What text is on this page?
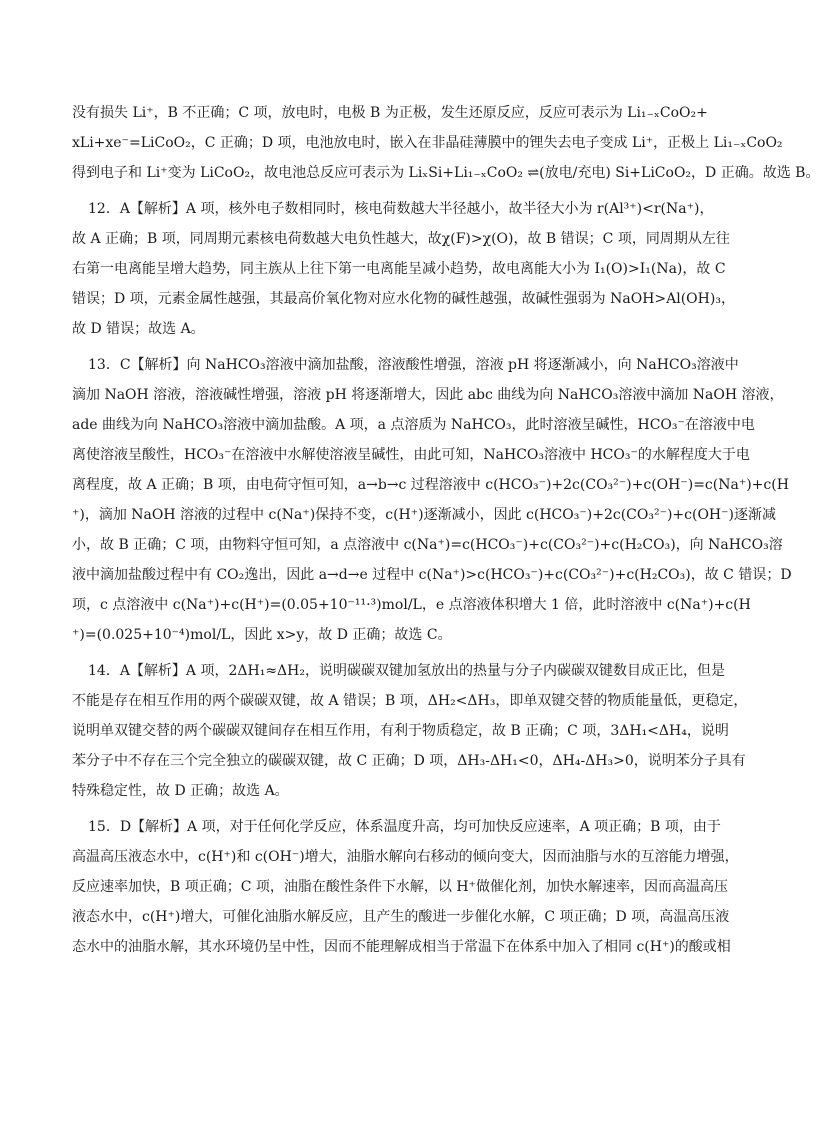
没有损失 Li⁺，B 不正确；C 项，放电时，电极 B 为正极，发生还原反应，反应可表示为 Li₁₋ₓCoO₂+
xLi+xe⁻=LiCoO₂，C 正确；D 项，电池放电时，嵌入在非晶硅薄膜中的锂失去电子变成 Li⁺，正极上 Li₁₋ₓCoO₂
得到电子和 Li⁺变为 LiCoO₂，故电池总反应可表示为 LiₓSi+Li₁₋ₓCoO₂ ⇌(放电/充电) Si+LiCoO₂，D 正确。故选 B。

12．A【解析】A 项，核外电子数相同时，核电荷数越大半径越小，故半径大小为 r(Al³⁺)<r(Na⁺)，
故 A 正确；B 项，同周期元素核电荷数越大电负性越大，故χ(F)>χ(O)，故 B 错误；C 项，同周期从左往
右第一电离能呈增大趋势，同主族从上往下第一电离能呈减小趋势，故电离能大小为 I₁(O)>I₁(Na)，故 C
错误；D 项，元素金属性越强，其最高价氧化物对应水化物的碱性越强，故碱性强弱为 NaOH>Al(OH)₃，
故 D 错误；故选 A。

13．C【解析】向 NaHCO₃溶液中滴加盐酸，溶液酸性增强，溶液 pH 将逐渐减小，向 NaHCO₃溶液中
滴加 NaOH 溶液，溶液碱性增强，溶液 pH 将逐渐增大，因此 abc 曲线为向 NaHCO₃溶液中滴加 NaOH 溶液，
ade 曲线为向 NaHCO₃溶液中滴加盐酸。A 项，a 点溶质为 NaHCO₃，此时溶液呈碱性，HCO₃⁻在溶液中电
离使溶液呈酸性，HCO₃⁻在溶液中水解使溶液呈碱性，由此可知，NaHCO₃溶液中 HCO₃⁻的水解程度大于电
离程度，故 A 正确；B 项，由电荷守恒可知，a→b→c 过程溶液中 c(HCO₃⁻)+2c(CO₃²⁻)+c(OH⁻)=c(Na⁺)+c(H
⁺)，滴加 NaOH 溶液的过程中 c(Na⁺)保持不变，c(H⁺)逐渐减小，因此 c(HCO₃⁻)+2c(CO₃²⁻)+c(OH⁻)逐渐减
小，故 B 正确；C 项，由物料守恒可知，a 点溶液中 c(Na⁺)=c(HCO₃⁻)+c(CO₃²⁻)+c(H₂CO₃)，向 NaHCO₃溶
液中滴加盐酸过程中有 CO₂逸出，因此 a→d→e 过程中 c(Na⁺)>c(HCO₃⁻)+c(CO₃²⁻)+c(H₂CO₃)，故 C 错误；D
项，c 点溶液中 c(Na⁺)+c(H⁺)=(0.05+10⁻¹¹·³)mol/L，e 点溶液体积增大 1 倍，此时溶液中 c(Na⁺)+c(H
⁺)=(0.025+10⁻⁴)mol/L，因此 x>y，故 D 正确；故选 C。

14．A【解析】A 项，2ΔH₁≈ΔH₂，说明碳碳双键加氢放出的热量与分子内碳碳双键数目成正比，但是
不能是存在相互作用的两个碳碳双键，故 A 错误；B 项，ΔH₂<ΔH₃，即单双键交替的物质能量低，更稳定，
说明单双键交替的两个碳碳双键间存在相互作用，有利于物质稳定，故 B 正确；C 项，3ΔH₁<ΔH₄，说明
苯分子中不存在三个完全独立的碳碳双键，故 C 正确；D 项，ΔH₃-ΔH₁<0，ΔH₄-ΔH₃>0，说明苯分子具有
特殊稳定性，故 D 正确；故选 A。

15．D【解析】A 项，对于任何化学反应，体系温度升高，均可加快反应速率，A 项正确；B 项，由于
高温高压液态水中，c(H⁺)和 c(OH⁻)增大，油脂水解向右移动的倾向变大，因而油脂与水的互溶能力增强，
反应速率加快，B 项正确；C 项，油脂在酸性条件下水解，以 H⁺做催化剂，加快水解速率，因而高温高压
液态水中，c(H⁺)增大，可催化油脂水解反应，且产生的酸进一步催化水解，C 项正确；D 项，高温高压液
态水中的油脂水解，其水环境仍呈中性，因而不能理解成相当于常温下在体系中加入了相同 c(H⁺)的酸或相
